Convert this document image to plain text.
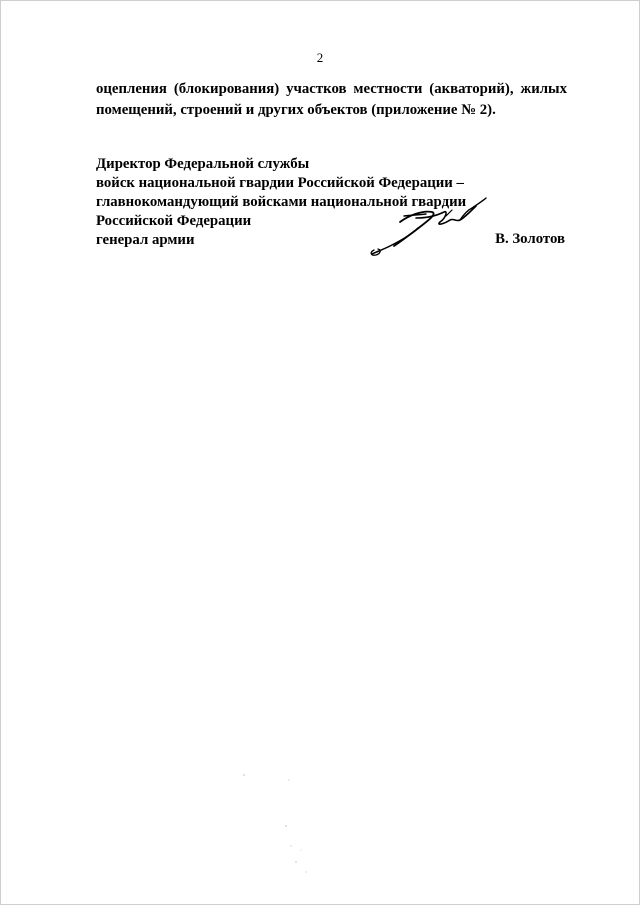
2

оцепления (блокирования) участков местности (акваторий), жилых
помещений, строений и других объектов (приложение № 2).

Директор Федеральной службы
войск национальной гвардии Российской Федерации –
главнокомандующий войсками национальной гвардии
Российской Федерации
генерал армии	В. Золотов
